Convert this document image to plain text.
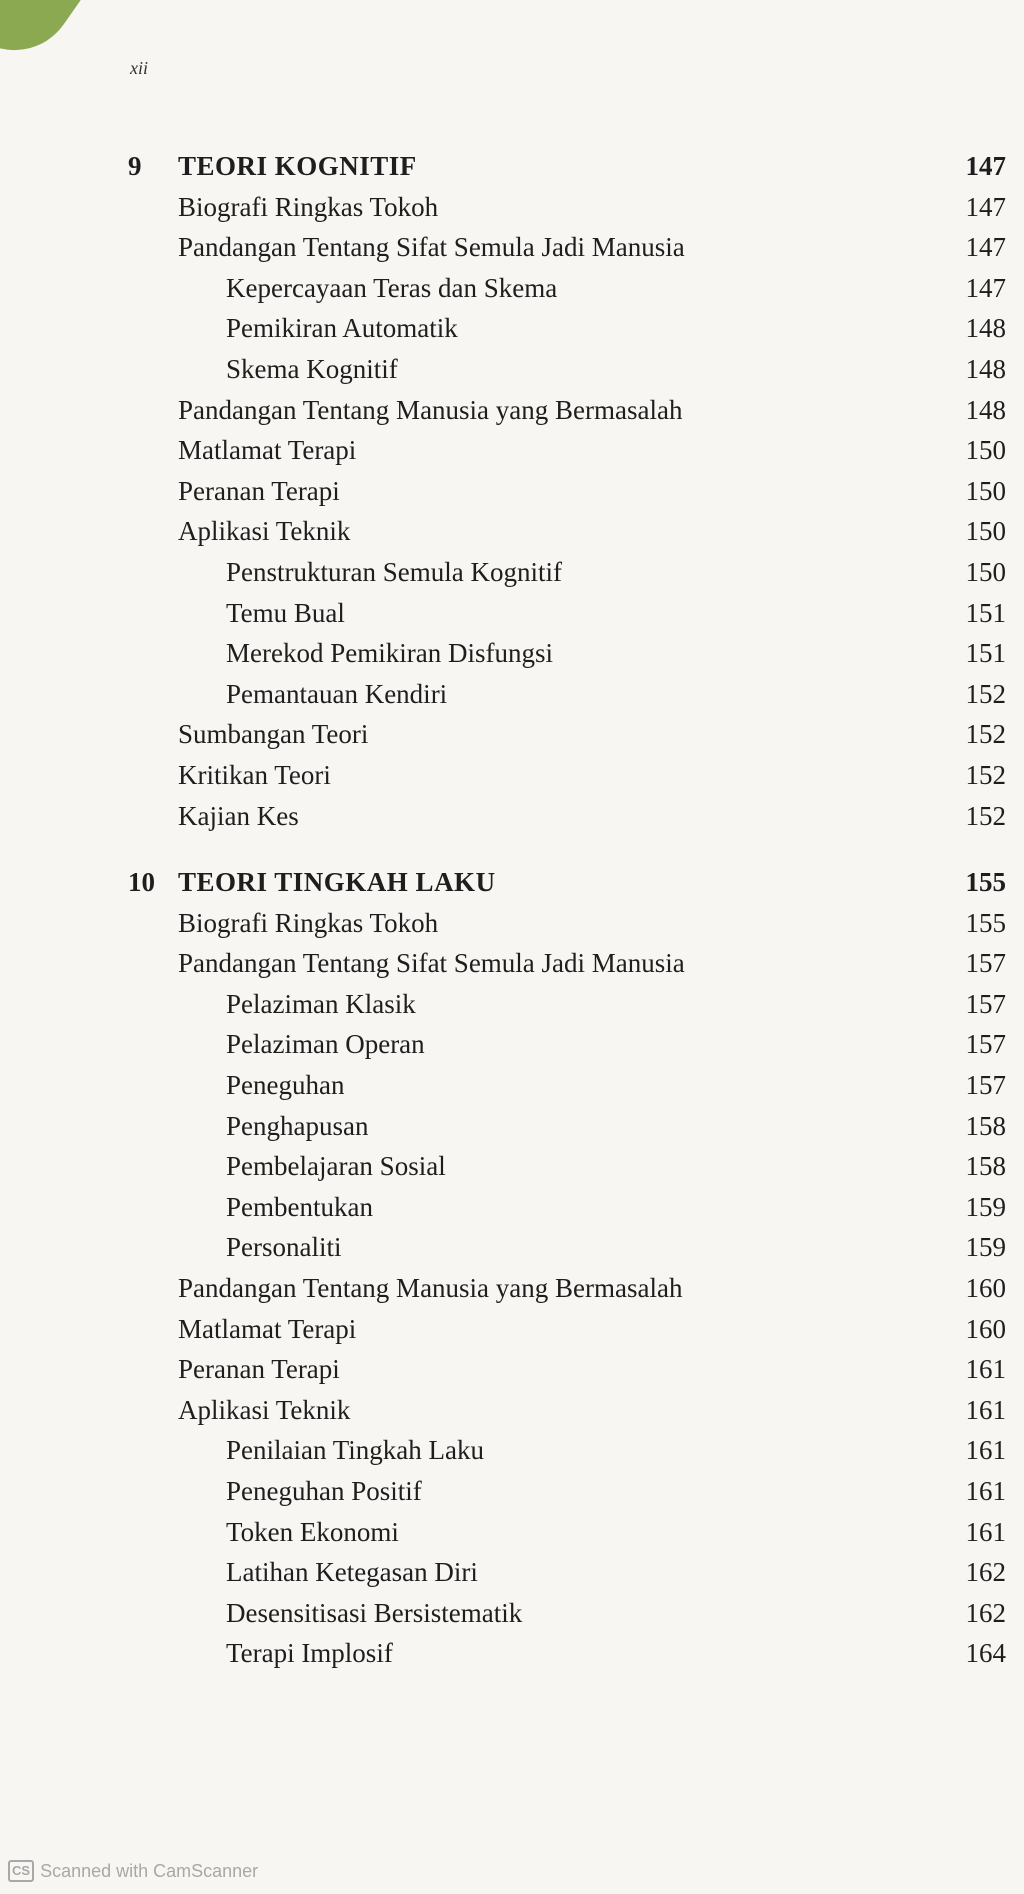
xii
9 TEORI KOGNITIF	147
Biografi Ringkas Tokoh	147
Pandangan Tentang Sifat Semula Jadi Manusia	147
Kepercayaan Teras dan Skema	147
Pemikiran Automatik	148
Skema Kognitif	148
Pandangan Tentang Manusia yang Bermasalah	148
Matlamat Terapi	150
Peranan Terapi	150
Aplikasi Teknik	150
Penstrukturan Semula Kognitif	150
Temu Bual	151
Merekod Pemikiran Disfungsi	151
Pemantauan Kendiri	152
Sumbangan Teori	152
Kritikan Teori	152
Kajian Kes	152
10 TEORI TINGKAH LAKU	155
Biografi Ringkas Tokoh	155
Pandangan Tentang Sifat Semula Jadi Manusia	157
Pelaziman Klasik	157
Pelaziman Operan	157
Peneguhan	157
Penghapusan	158
Pembelajaran Sosial	158
Pembentukan	159
Personaliti	159
Pandangan Tentang Manusia yang Bermasalah	160
Matlamat Terapi	160
Peranan Terapi	161
Aplikasi Teknik	161
Penilaian Tingkah Laku	161
Peneguhan Positif	161
Token Ekonomi	161
Latihan Ketegasan Diri	162
Desensitisasi Bersistematik	162
Terapi Implosif	164
CS Scanned with CamScanner
